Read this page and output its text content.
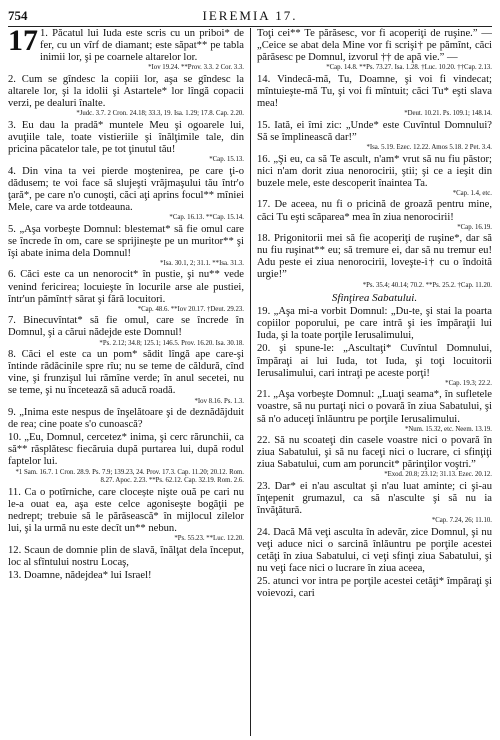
754	IEREMIA 17.

17 1. Păcatul lui Iuda este scris cu un priboi* de fer, cu un vîrf de diamant; este săpat** pe tabla inimii lor, şi pe coarnele altarelor lor.
*Iov 19.24. **Prov. 3.3. 2 Cor. 3.3.

2. Cum se gîndesc la copiii lor, aşa se gîndesc la altarele lor, şi la idolii şi Astartele* lor lîngă copacii verzi, pe dealuri înalte.
*Judc. 3.7. 2 Cron. 24.18; 33.3, 19. Isa. 1.29; 17.8. Cap. 2.20.

3. Eu dau la pradă* muntele Meu şi ogoarele lui, avuţiile tale, toate vistieriile şi înălţimile tale, din pricina păcatelor tale, pe tot ţinutul tău!
*Cap. 15.13.

4. Din vina ta vei pierde moştenirea, pe care ţi-o dădusem; te voi face să slujeşti vrăjmaşului tău într'o ţară*, pe care n'o cunoşti, căci aţi aprins focul** mîniei Mele, care va arde totdeauna.
*Cap. 16.13. **Cap. 15.14.

5. „Aşa vorbeşte Domnul: blestemat* să fie omul care se încrede în om, care se sprijineşte pe un muritor** şi îşi abate inima dela Domnul!
*Isa. 30.1, 2; 31.1. **Isa. 31.3.

6. Căci este ca un nenorocit* în pustie, şi nu** vede venind fericirea; locuieşte în locurile arse ale pustiei, într'un pămînt† sărat şi fără locuitori.
*Cap. 48.6. **Iov 20.17. †Deut. 29.23.

7. Binecuvîntat* să fie omul, care se încrede în Domnul, şi a cărui nădejde este Domnul!
*Ps. 2.12; 34.8; 125.1; 146.5. Prov. 16.20. Isa. 30.18.

8. Căci el este ca un pom* sădit lîngă ape care-şi întinde rădăcinile spre rîu; nu se teme de căldură, cînd vine, şi frunzişul lui rămîne verde; în anul secetei, nu se teme, şi nu încetează să aducă roadă.
*Iov 8.16. Ps. 1.3.

9. „Inima este nespus de înşelătoare şi de deznădăjduit de rea; cine poate s'o cunoască?

10. „Eu, Domnul, cercetez* inima, şi cerc rărunchii, ca să** răsplătesc fiecăruia după purtarea lui, după rodul faptelor lui.
*1 Sam. 16.7. 1 Cron. 28.9. Ps. 7.9; 139.23, 24. Prov. 17.3. Cap. 11.20; 20.12. Rom. 8.27. Apoc. 2.23. **Ps. 62.12. Cap. 32.19. Rom. 2.6.

11. Ca o potîrniche, care clocește nişte ouă pe cari nu le-a ouat ea, aşa este celce agoniseşte bogăţii pe nedrept; trebuie să le părăsească* în mijlocul zilelor lui, şi la urmă nu este decît un** nebun.
*Ps. 55.23. **Luc. 12.20.

12. Scaun de domnie plin de slavă, înălţat dela început, loc al sfîntului nostru Locaş,

13. Doamne, nădejdea* lui Israel!

Toţi cei** Te părăsesc, vor fi acoperiţi de ruşine.” — „Ceice se abat dela Mine vor fi scrişi† pe pămînt, căci părăsesc pe Domnul, izvorul †† de apă vie.” —
*Cap. 14.8. **Ps. 73.27. Isa. 1.28. †Luc. 10.20. ††Cap. 2.13.

14. Vindecă-mă, Tu, Doamne, şi voi fi vindecat; mîntuieşte-mă Tu, şi voi fi mîntuit; căci Tu* eşti slava mea!
*Deut. 10.21. Ps. 109.1; 148.14.

15. Iată, ei îmi zic: „Unde* este Cuvîntul Domnului? Să se împlinească dar!”
*Isa. 5.19. Ezec. 12.22. Amos 5.18. 2 Pet. 3.4.

16. „Şi eu, ca să Te ascult, n'am* vrut să nu fiu păstor; nici n'am dorit ziua nenorocirii, ştii; şi ce a ieşit din buzele mele, este descoperit înaintea Ta.
*Cap. 1.4, etc.

17. De aceea, nu fi o pricină de groază pentru mine, căci Tu eşti scăparea* mea în ziua nenorocirii!
*Cap. 16.19.

18. Prigonitorii mei să fie acoperiţi de ruşine*, dar să nu fiu ruşinat** eu; să tremure ei, dar să nu tremur eu! Adu peste ei ziua nenorocirii, loveşte-i† cu o îndoită urgie!”
*Ps. 35.4; 40.14; 70.2. **Ps. 25.2. †Cap. 11.20.

Sfinţirea Sabatului.

19. „Aşa mi-a vorbit Domnul: „Du-te, şi stai la poarta copiilor poporului, pe care intră şi ies împăraţii lui Iuda, şi la toate porţile Ierusalimului,

20. şi spune-le: „Ascultaţi* Cuvîntul Domnului, împăraţi ai lui Iuda, tot Iuda, şi toţi locuitorii Ierusalimului, cari intraţi pe aceste porţi!
*Cap. 19.3; 22.2.

21. „Aşa vorbeşte Domnul: „Luaţi seama*, în sufletele voastre, să nu purtaţi nici o povară în ziua Sabatului, şi să n'o aduceţi înlăuntru pe porţile Ierusalimului.
*Num. 15.32, etc. Neem. 13.19.

22. Să nu scoateţi din casele voastre nici o povară în ziua Sabatului, şi să nu faceţi nici o lucrare, ci sfinţiţi ziua Sabatului, cum am poruncit* părinţilor voştri.”
*Exod. 20.8; 23.12; 31.13. Ezec. 20.12.

23. Dar* ei n'au ascultat şi n'au luat aminte; ci şi-au înţepenit grumazul, ca să n'asculte şi să nu ia învăţătură.
*Cap. 7.24, 26; 11.10.

24. Dacă Mă veţi asculta în adevăr, zice Domnul, şi nu veţi aduce nici o sarcină înlăuntru pe porţile acestei cetăţi în ziua Sabatului, ci veţi sfinţi ziua Sabatului, şi nu veţi face nici o lucrare în ziua aceea,

25. atunci vor intra pe porţile acestei cetăţi* împăraţi şi voievozi, cari
